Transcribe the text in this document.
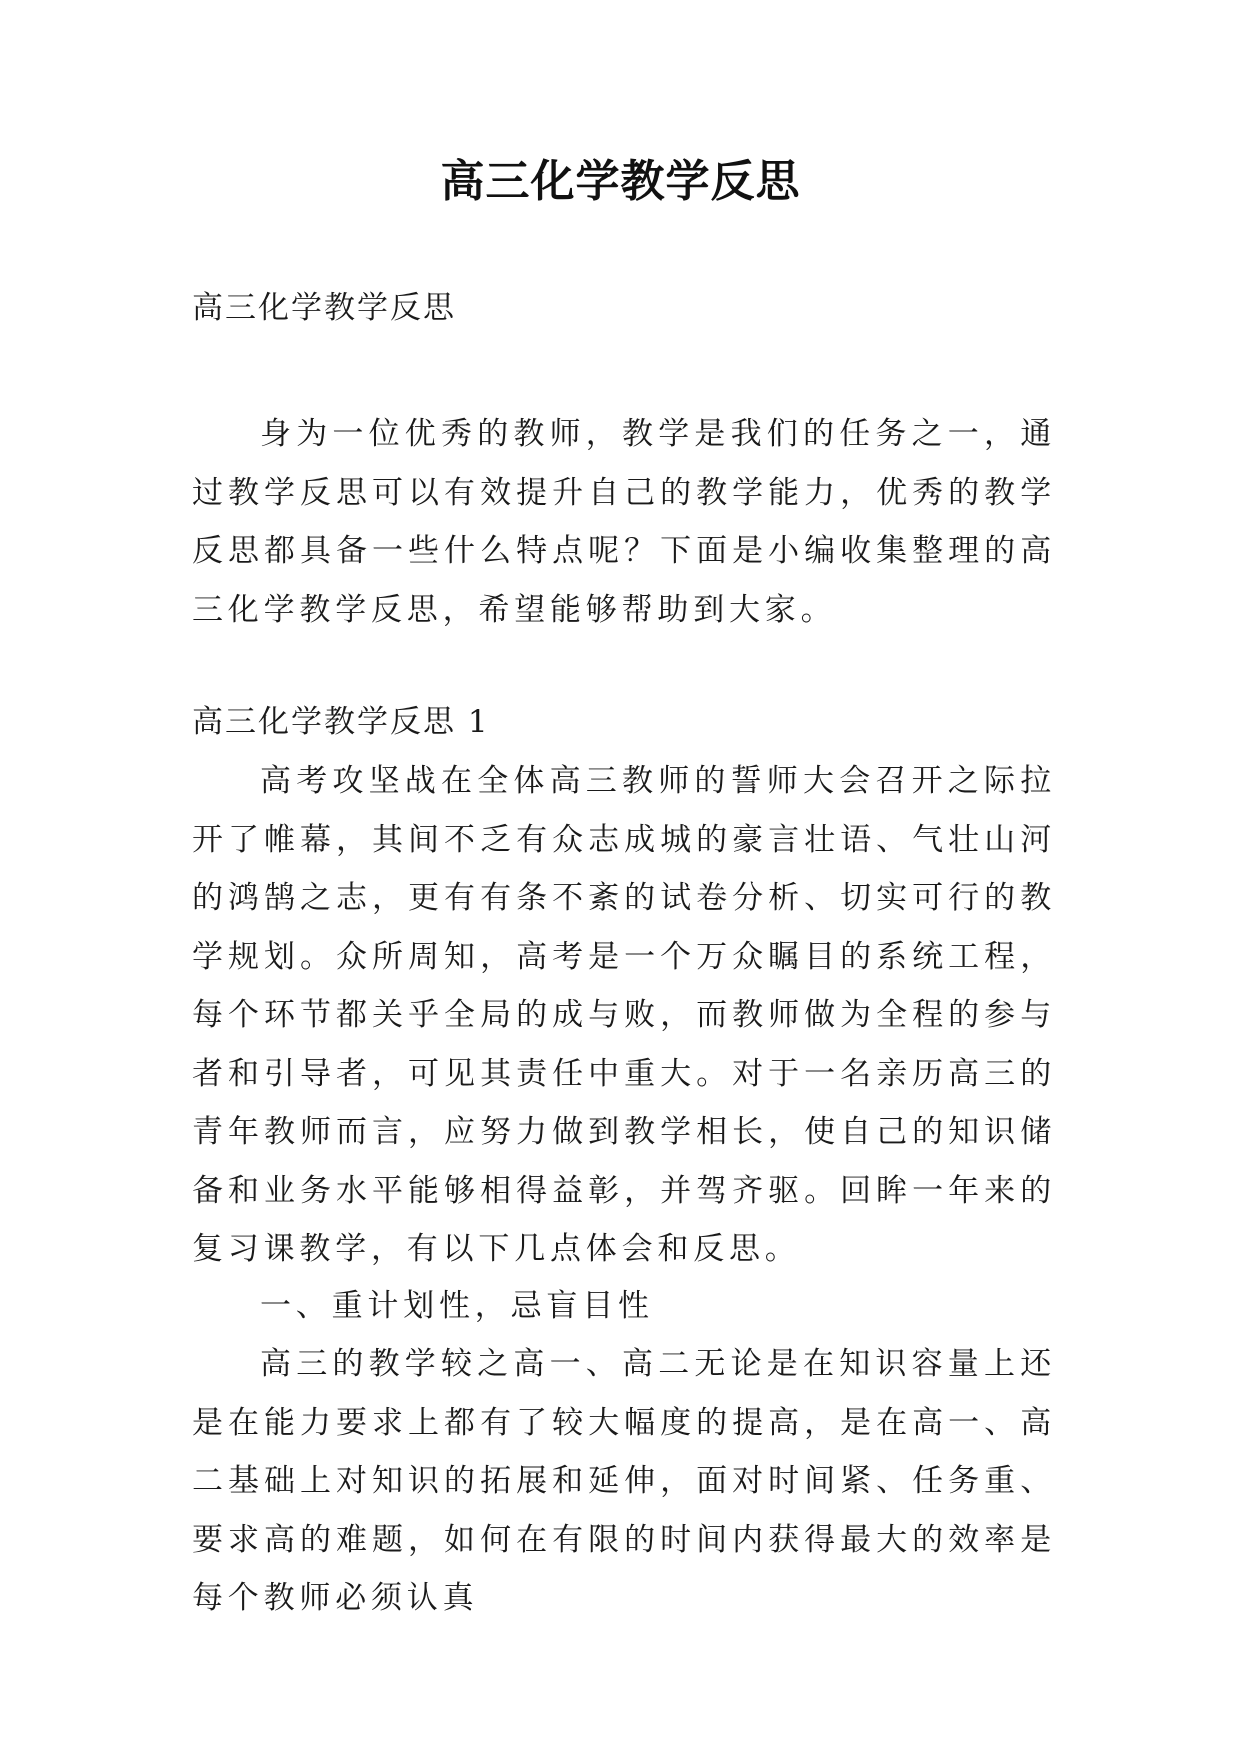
高三化学教学反思
高三化学教学反思
身为一位优秀的教师，教学是我们的任务之一，通过教学反思可以有效提升自己的教学能力，优秀的教学反思都具备一些什么特点呢？下面是小编收集整理的高三化学教学反思，希望能够帮助到大家。
高三化学教学反思 1
高考攻坚战在全体高三教师的誓师大会召开之际拉开了帷幕，其间不乏有众志成城的豪言壮语、气壮山河的鸿鹄之志，更有有条不紊的试卷分析、切实可行的教学规划。众所周知，高考是一个万众瞩目的系统工程，每个环节都关乎全局的成与败，而教师做为全程的参与者和引导者，可见其责任中重大。对于一名亲历高三的青年教师而言，应努力做到教学相长，使自己的知识储备和业务水平能够相得益彰，并驾齐驱。回眸一年来的复习课教学，有以下几点体会和反思。
一、重计划性，忌盲目性
高三的教学较之高一、高二无论是在知识容量上还是在能力要求上都有了较大幅度的提高，是在高一、高二基础上对知识的拓展和延伸，面对时间紧、任务重、要求高的难题，如何在有限的时间内获得最大的效率是每个教师必须认真
